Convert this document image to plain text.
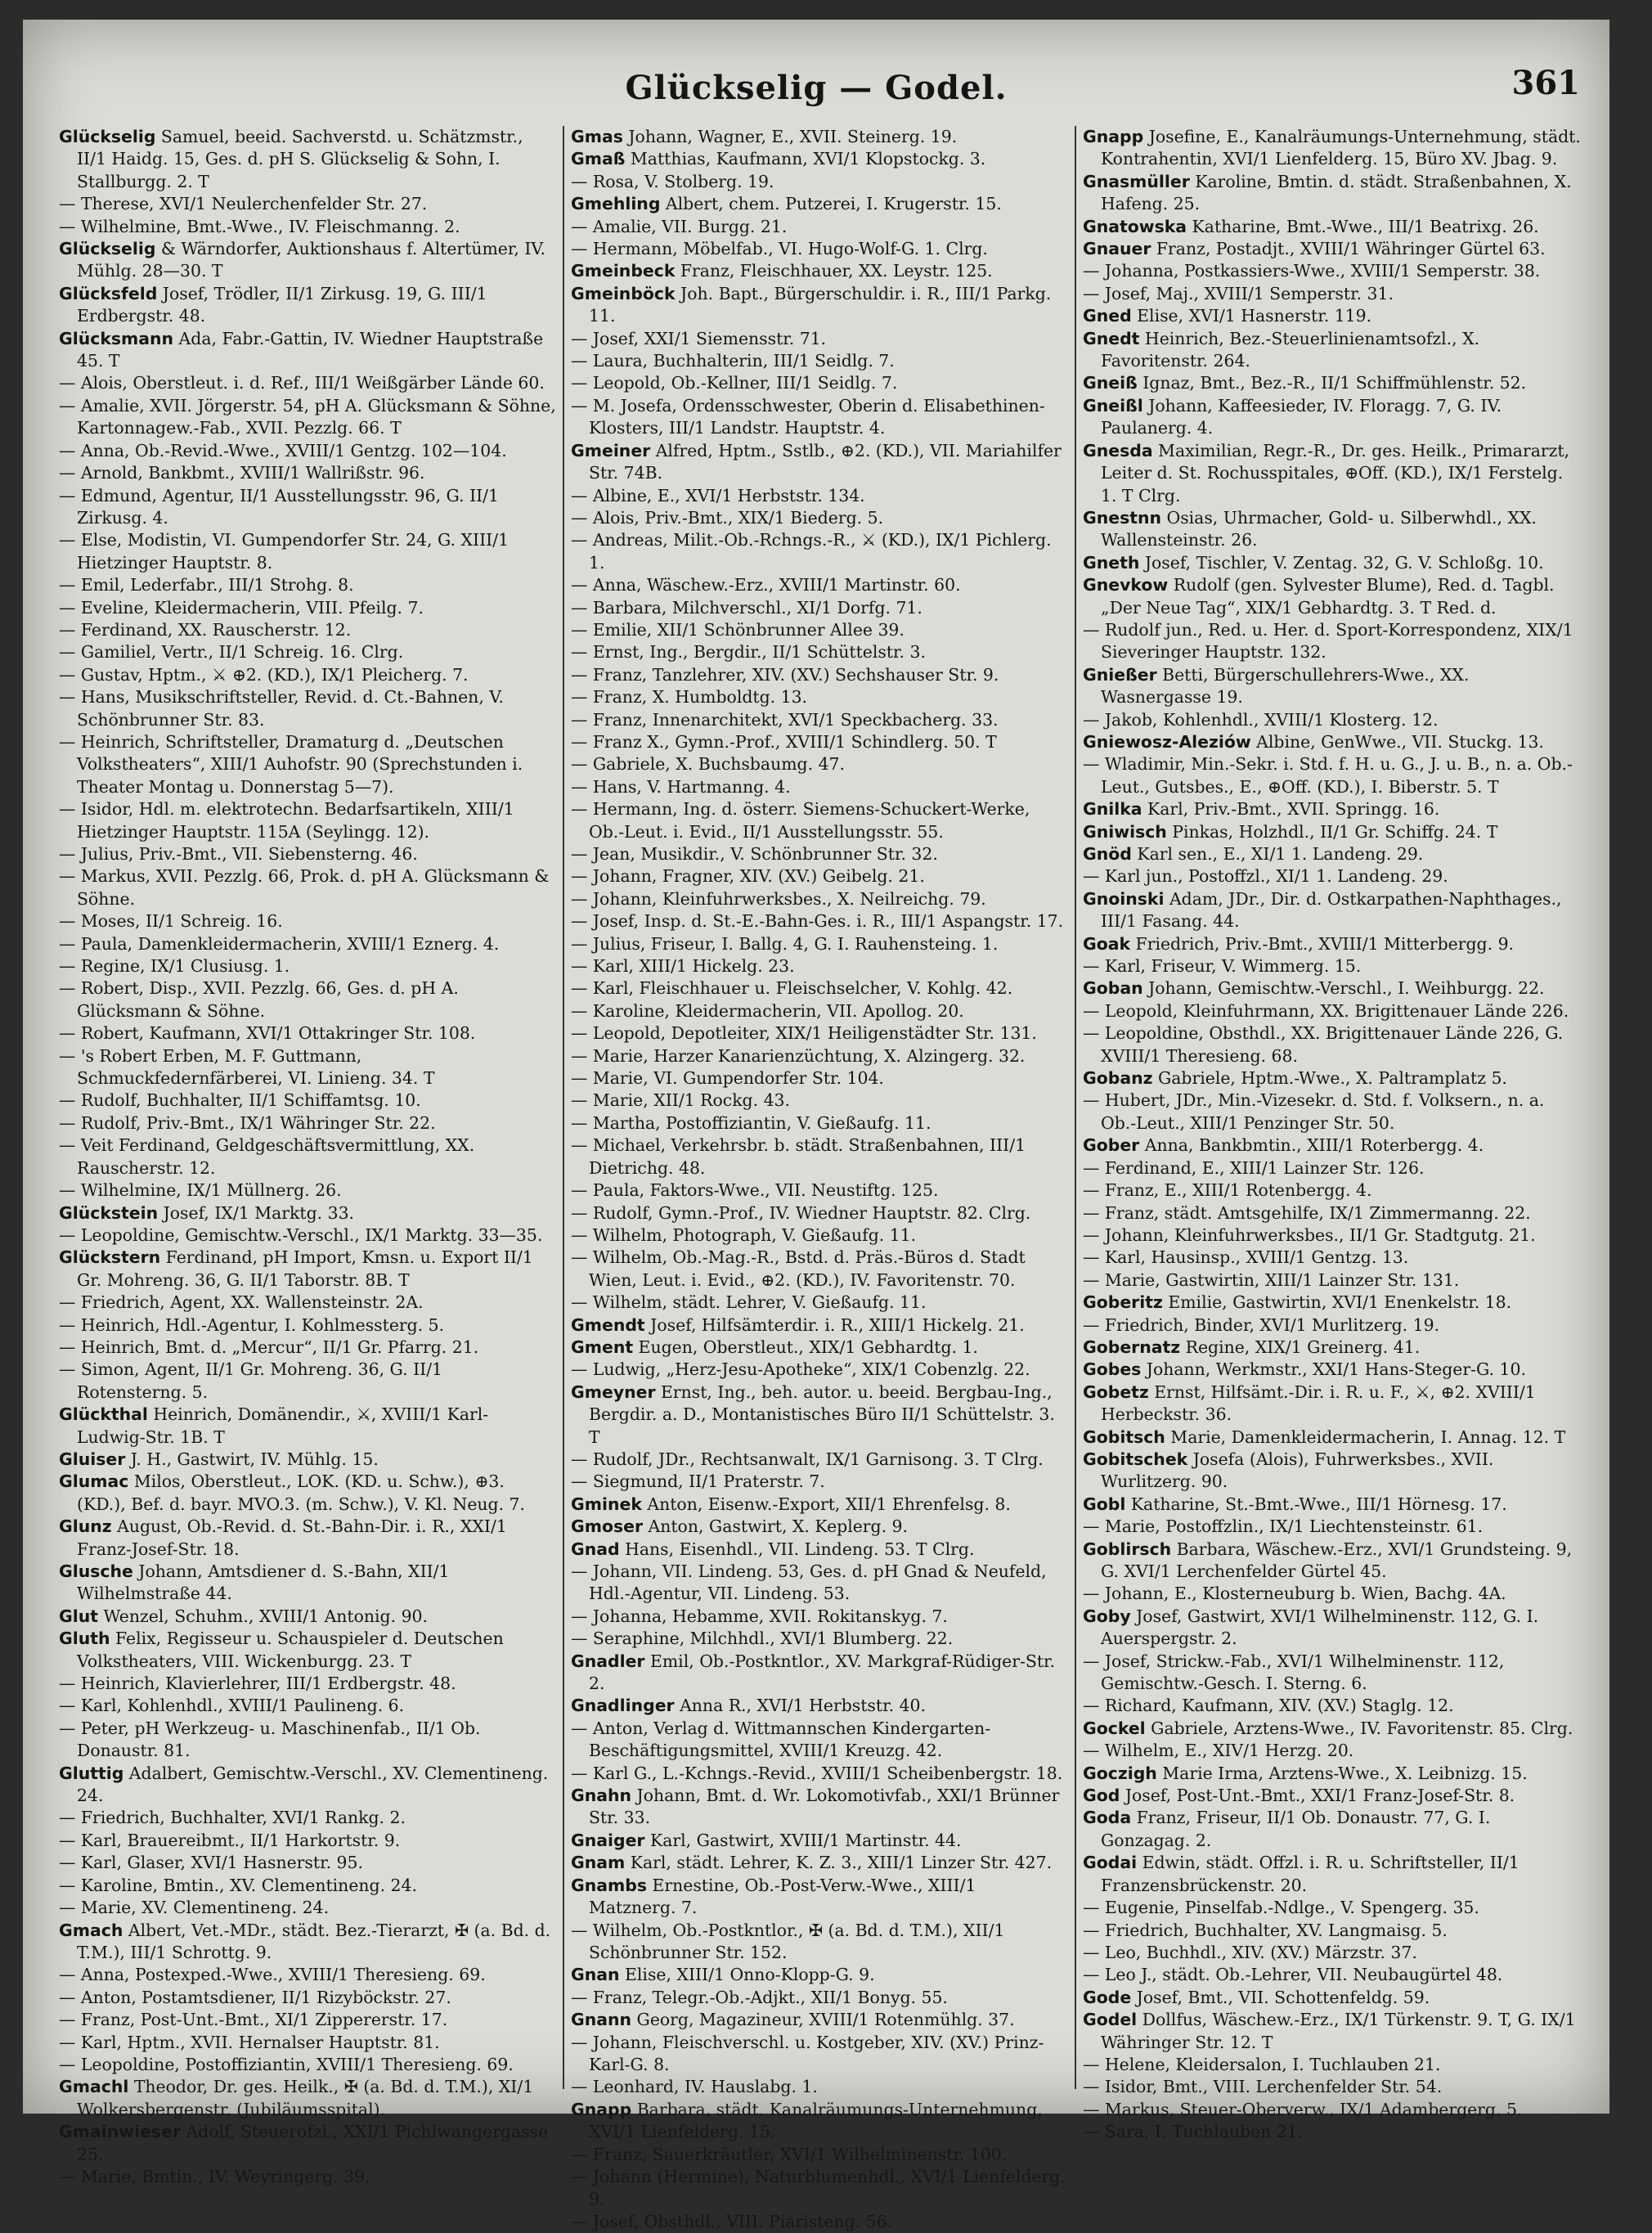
Glückselig — Godel.	361

Glückselig Samuel, beeid. Sachverstd. u. Schätzmstr., II/1 Haidg. 15, Ges. d. pH S. Glückselig & Sohn, I. Stallburgg. 2. T

— Therese, XVI/1 Neulerchenfelder Str. 27.

— Wilhelmine, Bmt.-Wwe., IV. Fleischmanng. 2.

Glückselig & Wärndorfer, Auktionshaus f. Altertümer, IV. Mühlg. 28—30. T

Glücksfeld Josef, Trödler, II/1 Zirkusg. 19, G. III/1 Erdbergstr. 48.

Glücksmann Ada, Fabr.-Gattin, IV. Wiedner Hauptstraße 45. T

— Alois, Oberstleut. i. d. Ref., III/1 Weißgärber Lände 60.

— Amalie, XVII. Jörgerstr. 54, pH A. Glücksmann & Söhne, Kartonnagew.-Fab., XVII. Pezzlg. 66. T

— Anna, Ob.-Revid.-Wwe., XVIII/1 Gentzg. 102—104.

— Arnold, Bankbmt., XVIII/1 Wallrißstr. 96.

— Edmund, Agentur, II/1 Ausstellungsstr. 96, G. II/1 Zirkusg. 4.

— Else, Modistin, VI. Gumpendorfer Str. 24, G. XIII/1 Hietzinger Hauptstr. 8.

— Emil, Lederfabr., III/1 Strohg. 8.

— Eveline, Kleidermacherin, VIII. Pfeilg. 7.

— Ferdinand, XX. Rauscherstr. 12.

— Gamiliel, Vertr., II/1 Schreig. 16. Clrg.

— Gustav, Hptm., ⚔ ⊕2. (KD.), IX/1 Pleicherg. 7.

— Hans, Musikschriftsteller, Revid. d. Ct.-Bahnen, V. Schönbrunner Str. 83.

— Heinrich, Schriftsteller, Dramaturg d. „Deutschen Volkstheaters“, XIII/1 Auhofstr. 90 (Sprechstunden i. Theater Montag u. Donnerstag 5—7).

— Isidor, Hdl. m. elektrotechn. Bedarfsartikeln, XIII/1 Hietzinger Hauptstr. 115A (Seylingg. 12).

— Julius, Priv.-Bmt., VII. Siebensterng. 46.

— Markus, XVII. Pezzlg. 66, Prok. d. pH A. Glücksmann & Söhne.

— Moses, II/1 Schreig. 16.

— Paula, Damenkleidermacherin, XVIII/1 Eznerg. 4.

— Regine, IX/1 Clusiusg. 1.

— Robert, Disp., XVII. Pezzlg. 66, Ges. d. pH A. Glücksmann & Söhne.

— Robert, Kaufmann, XVI/1 Ottakringer Str. 108.

— 's Robert Erben, M. F. Guttmann, Schmuckfedernfärberei, VI. Linieng. 34. T

— Rudolf, Buchhalter, II/1 Schiffamtsg. 10.

— Rudolf, Priv.-Bmt., IX/1 Währinger Str. 22.

— Veit Ferdinand, Geldgeschäftsvermittlung, XX. Rauscherstr. 12.

— Wilhelmine, IX/1 Müllnerg. 26.

Glückstein Josef, IX/1 Marktg. 33.

— Leopoldine, Gemischtw.-Verschl., IX/1 Marktg. 33—35.

Glückstern Ferdinand, pH Import, Kmsn. u. Export II/1 Gr. Mohreng. 36, G. II/1 Taborstr. 8B. T

— Friedrich, Agent, XX. Wallensteinstr. 2A.

— Heinrich, Hdl.-Agentur, I. Kohlmessterg. 5.

— Heinrich, Bmt. d. „Mercur“, II/1 Gr. Pfarrg. 21.

— Simon, Agent, II/1 Gr. Mohreng. 36, G. II/1 Rotensterng. 5.

Glückthal Heinrich, Domänendir., ⚔, XVIII/1 Karl-Ludwig-Str. 1B. T

Gluiser J. H., Gastwirt, IV. Mühlg. 15.

Glumac Milos, Oberstleut., LOK. (KD. u. Schw.), ⊕3. (KD.), Bef. d. bayr. MVO.3. (m. Schw.), V. Kl. Neug. 7.

Glunz August, Ob.-Revid. d. St.-Bahn-Dir. i. R., XXI/1 Franz-Josef-Str. 18.

Glusche Johann, Amtsdiener d. S.-Bahn, XII/1 Wilhelmstraße 44.

Glut Wenzel, Schuhm., XVIII/1 Antonig. 90.

Gluth Felix, Regisseur u. Schauspieler d. Deutschen Volkstheaters, VIII. Wickenburgg. 23. T

— Heinrich, Klavierlehrer, III/1 Erdbergstr. 48.

— Karl, Kohlenhdl., XVIII/1 Paulineng. 6.

— Peter, pH Werkzeug- u. Maschinenfab., II/1 Ob. Donaustr. 81.

Gluttig Adalbert, Gemischtw.-Verschl., XV. Clementineng. 24.

— Friedrich, Buchhalter, XVI/1 Rankg. 2.

— Karl, Brauereibmt., II/1 Harkortstr. 9.

— Karl, Glaser, XVI/1 Hasnerstr. 95.

— Karoline, Bmtin., XV. Clementineng. 24.

— Marie, XV. Clementineng. 24.

Gmach Albert, Vet.-MDr., städt. Bez.-Tierarzt, ✠ (a. Bd. d. T.M.), III/1 Schrottg. 9.

— Anna, Postexped.-Wwe., XVIII/1 Theresieng. 69.

— Anton, Postamtsdiener, II/1 Rizyböckstr. 27.

— Franz, Post-Unt.-Bmt., XI/1 Zippererstr. 17.

— Karl, Hptm., XVII. Hernalser Hauptstr. 81.

— Leopoldine, Postoffiziantin, XVIII/1 Theresieng. 69.

Gmachl Theodor, Dr. ges. Heilk., ✠ (a. Bd. d. T.M.), XI/1 Wolkersbergenstr. (Jubiläumsspital).

Gmainwieser Adolf, Steuerofzl., XXI/1 Pichlwangergasse 25.

— Marie, Bmtin., IV. Weyringerg. 39.

Gmas Johann, Wagner, E., XVII. Steinerg. 19.

Gmaß Matthias, Kaufmann, XVI/1 Klopstockg. 3.

— Rosa, V. Stolberg. 19.

Gmehling Albert, chem. Putzerei, I. Krugerstr. 15.

— Amalie, VII. Burgg. 21.

— Hermann, Möbelfab., VI. Hugo-Wolf-G. 1. Clrg.

Gmeinbeck Franz, Fleischhauer, XX. Leystr. 125.

Gmeinböck Joh. Bapt., Bürgerschuldir. i. R., III/1 Parkg. 11.

— Josef, XXI/1 Siemensstr. 71.

— Laura, Buchhalterin, III/1 Seidlg. 7.

— Leopold, Ob.-Kellner, III/1 Seidlg. 7.

— M. Josefa, Ordensschwester, Oberin d. Elisabethinen-Klosters, III/1 Landstr. Hauptstr. 4.

Gmeiner Alfred, Hptm., Sstlb., ⊕2. (KD.), VII. Mariahilfer Str. 74B.

— Albine, E., XVI/1 Herbststr. 134.

— Alois, Priv.-Bmt., XIX/1 Biederg. 5.

— Andreas, Milit.-Ob.-Rchngs.-R., ⚔ (KD.), IX/1 Pichlerg. 1.

— Anna, Wäschew.-Erz., XVIII/1 Martinstr. 60.

— Barbara, Milchverschl., XI/1 Dorfg. 71.

— Emilie, XII/1 Schönbrunner Allee 39.

— Ernst, Ing., Bergdir., II/1 Schüttelstr. 3.

— Franz, Tanzlehrer, XIV. (XV.) Sechshauser Str. 9.

— Franz, X. Humboldtg. 13.

— Franz, Innenarchitekt, XVI/1 Speckbacherg. 33.

— Franz X., Gymn.-Prof., XVIII/1 Schindlerg. 50. T

— Gabriele, X. Buchsbaumg. 47.

— Hans, V. Hartmanng. 4.

— Hermann, Ing. d. österr. Siemens-Schuckert-Werke, Ob.-Leut. i. Evid., II/1 Ausstellungsstr. 55.

— Jean, Musikdir., V. Schönbrunner Str. 32.

— Johann, Fragner, XIV. (XV.) Geibelg. 21.

— Johann, Kleinfuhrwerksbes., X. Neilreichg. 79.

— Josef, Insp. d. St.-E.-Bahn-Ges. i. R., III/1 Aspangstr. 17.

— Julius, Friseur, I. Ballg. 4, G. I. Rauhensteing. 1.

— Karl, XIII/1 Hickelg. 23.

— Karl, Fleischhauer u. Fleischselcher, V. Kohlg. 42.

— Karoline, Kleidermacherin, VII. Apollog. 20.

— Leopold, Depotleiter, XIX/1 Heiligenstädter Str. 131.

— Marie, Harzer Kanarienzüchtung, X. Alzingerg. 32.

— Marie, VI. Gumpendorfer Str. 104.

— Marie, XII/1 Rockg. 43.

— Martha, Postoffiziantin, V. Gießaufg. 11.

— Michael, Verkehrsbr. b. städt. Straßenbahnen, III/1 Dietrichg. 48.

— Paula, Faktors-Wwe., VII. Neustiftg. 125.

— Rudolf, Gymn.-Prof., IV. Wiedner Hauptstr. 82. Clrg.

— Wilhelm, Photograph, V. Gießaufg. 11.

— Wilhelm, Ob.-Mag.-R., Bstd. d. Präs.-Büros d. Stadt Wien, Leut. i. Evid., ⊕2. (KD.), IV. Favoritenstr. 70.

— Wilhelm, städt. Lehrer, V. Gießaufg. 11.

Gmendt Josef, Hilfsämterdir. i. R., XIII/1 Hickelg. 21.

Gment Eugen, Oberstleut., XIX/1 Gebhardtg. 1.

— Ludwig, „Herz-Jesu-Apotheke“, XIX/1 Cobenzlg. 22.

Gmeyner Ernst, Ing., beh. autor. u. beeid. Bergbau-Ing., Bergdir. a. D., Montanistisches Büro II/1 Schüttelstr. 3. T

— Rudolf, JDr., Rechtsanwalt, IX/1 Garnisong. 3. T Clrg.

— Siegmund, II/1 Praterstr. 7.

Gminek Anton, Eisenw.-Export, XII/1 Ehrenfelsg. 8.

Gmoser Anton, Gastwirt, X. Keplerg. 9.

Gnad Hans, Eisenhdl., VII. Lindeng. 53. T Clrg.

— Johann, VII. Lindeng. 53, Ges. d. pH Gnad & Neufeld, Hdl.-Agentur, VII. Lindeng. 53.

— Johanna, Hebamme, XVII. Rokitanskyg. 7.

— Seraphine, Milchhdl., XVI/1 Blumberg. 22.

Gnadler Emil, Ob.-Postkntlor., XV. Markgraf-Rüdiger-Str. 2.

Gnadlinger Anna R., XVI/1 Herbststr. 40.

— Anton, Verlag d. Wittmannschen Kindergarten-Beschäftigungsmittel, XVIII/1 Kreuzg. 42.

— Karl G., L.-Kchngs.-Revid., XVIII/1 Scheibenbergstr. 18.

Gnahn Johann, Bmt. d. Wr. Lokomotivfab., XXI/1 Brünner Str. 33.

Gnaiger Karl, Gastwirt, XVIII/1 Martinstr. 44.

Gnam Karl, städt. Lehrer, K. Z. 3., XIII/1 Linzer Str. 427.

Gnambs Ernestine, Ob.-Post-Verw.-Wwe., XIII/1 Matznerg. 7.

— Wilhelm, Ob.-Postkntlor., ✠ (a. Bd. d. T.M.), XII/1 Schönbrunner Str. 152.

Gnan Elise, XIII/1 Onno-Klopp-G. 9.

— Franz, Telegr.-Ob.-Adjkt., XII/1 Bonyg. 55.

Gnann Georg, Magazineur, XVIII/1 Rotenmühlg. 37.

— Johann, Fleischverschl. u. Kostgeber, XIV. (XV.) Prinz-Karl-G. 8.

— Leonhard, IV. Hauslabg. 1.

Gnapp Barbara, städt. Kanalräumungs-Unternehmung, XVI/1 Lienfelderg. 15.

— Franz, Sauerkräutler, XVI/1 Wilhelminenstr. 100.

— Johann (Hermine), Naturblumenhdl., XVI/1 Lienfelderg. 9.

— Josef, Obsthdl., VIII. Piaristeng. 56.

Gnapp Josefine, E., Kanalräumungs-Unternehmung, städt. Kontrahentin, XVI/1 Lienfelderg. 15, Büro XV. Jbag. 9.

Gnasmüller Karoline, Bmtin. d. städt. Straßenbahnen, X. Hafeng. 25.

Gnatowska Katharine, Bmt.-Wwe., III/1 Beatrixg. 26.

Gnauer Franz, Postadjt., XVIII/1 Währinger Gürtel 63.

— Johanna, Postkassiers-Wwe., XVIII/1 Semperstr. 38.

— Josef, Maj., XVIII/1 Semperstr. 31.

Gned Elise, XVI/1 Hasnerstr. 119.

Gnedt Heinrich, Bez.-Steuerlinienamtsofzl., X. Favoritenstr. 264.

Gneiß Ignaz, Bmt., Bez.-R., II/1 Schiffmühlenstr. 52.

Gneißl Johann, Kaffeesieder, IV. Floragg. 7, G. IV. Paulanerg. 4.

Gnesda Maximilian, Regr.-R., Dr. ges. Heilk., Primararzt, Leiter d. St. Rochusspitales, ⊕Off. (KD.), IX/1 Ferstelg. 1. T Clrg.

Gnestnn Osias, Uhrmacher, Gold- u. Silberwhdl., XX. Wallensteinstr. 26.

Gneth Josef, Tischler, V. Zentag. 32, G. V. Schloßg. 10.

Gnevkow Rudolf (gen. Sylvester Blume), Red. d. Tagbl. „Der Neue Tag“, XIX/1 Gebhardtg. 3. T Red. d.

— Rudolf jun., Red. u. Her. d. Sport-Korrespondenz, XIX/1 Sieveringer Hauptstr. 132.

Gnießer Betti, Bürgerschullehrers-Wwe., XX. Wasnergasse 19.

— Jakob, Kohlenhdl., XVIII/1 Klosterg. 12.

Gniewosz-Aleziów Albine, GenWwe., VII. Stuckg. 13.

— Wladimir, Min.-Sekr. i. Std. f. H. u. G., J. u. B., n. a. Ob.-Leut., Gutsbes., E., ⊕Off. (KD.), I. Biberstr. 5. T

Gnilka Karl, Priv.-Bmt., XVII. Springg. 16.

Gniwisch Pinkas, Holzhdl., II/1 Gr. Schiffg. 24. T

Gnöd Karl sen., E., XI/1 1. Landeng. 29.

— Karl jun., Postoffzl., XI/1 1. Landeng. 29.

Gnoinski Adam, JDr., Dir. d. Ostkarpathen-Naphthages., III/1 Fasang. 44.

Goak Friedrich, Priv.-Bmt., XVIII/1 Mitterbergg. 9.

— Karl, Friseur, V. Wimmerg. 15.

Goban Johann, Gemischtw.-Verschl., I. Weihburgg. 22.

— Leopold, Kleinfuhrmann, XX. Brigittenauer Lände 226.

— Leopoldine, Obsthdl., XX. Brigittenauer Lände 226, G. XVIII/1 Theresieng. 68.

Gobanz Gabriele, Hptm.-Wwe., X. Paltramplatz 5.

— Hubert, JDr., Min.-Vizesekr. d. Std. f. Volksern., n. a. Ob.-Leut., XIII/1 Penzinger Str. 50.

Gober Anna, Bankbmtin., XIII/1 Roterbergg. 4.

— Ferdinand, E., XIII/1 Lainzer Str. 126.

— Franz, E., XIII/1 Rotenbergg. 4.

— Franz, städt. Amtsgehilfe, IX/1 Zimmermanng. 22.

— Johann, Kleinfuhrwerksbes., II/1 Gr. Stadtgutg. 21.

— Karl, Hausinsp., XVIII/1 Gentzg. 13.

— Marie, Gastwirtin, XIII/1 Lainzer Str. 131.

Goberitz Emilie, Gastwirtin, XVI/1 Enenkelstr. 18.

— Friedrich, Binder, XVI/1 Murlitzerg. 19.

Gobernatz Regine, XIX/1 Greinerg. 41.

Gobes Johann, Werkmstr., XXI/1 Hans-Steger-G. 10.

Gobetz Ernst, Hilfsämt.-Dir. i. R. u. F., ⚔, ⊕2. XVIII/1 Herbeckstr. 36.

Gobitsch Marie, Damenkleidermacherin, I. Annag. 12. T

Gobitschek Josefa (Alois), Fuhrwerksbes., XVII. Wurlitzerg. 90.

Gobl Katharine, St.-Bmt.-Wwe., III/1 Hörnesg. 17.

— Marie, Postoffzlin., IX/1 Liechtensteinstr. 61.

Goblirsch Barbara, Wäschew.-Erz., XVI/1 Grundsteing. 9, G. XVI/1 Lerchenfelder Gürtel 45.

— Johann, E., Klosterneuburg b. Wien, Bachg. 4A.

Goby Josef, Gastwirt, XVI/1 Wilhelminenstr. 112, G. I. Auerspergstr. 2.

— Josef, Strickw.-Fab., XVI/1 Wilhelminenstr. 112, Gemischtw.-Gesch. I. Sterng. 6.

— Richard, Kaufmann, XIV. (XV.) Staglg. 12.

Gockel Gabriele, Arztens-Wwe., IV. Favoritenstr. 85. Clrg.

— Wilhelm, E., XIV/1 Herzg. 20.

Goczigh Marie Irma, Arztens-Wwe., X. Leibnizg. 15.

God Josef, Post-Unt.-Bmt., XXI/1 Franz-Josef-Str. 8.

Goda Franz, Friseur, II/1 Ob. Donaustr. 77, G. I. Gonzagag. 2.

Godai Edwin, städt. Offzl. i. R. u. Schriftsteller, II/1 Franzensbrückenstr. 20.

— Eugenie, Pinselfab.-Ndlge., V. Spengerg. 35.

— Friedrich, Buchhalter, XV. Langmaisg. 5.

— Leo, Buchhdl., XIV. (XV.) Märzstr. 37.

— Leo J., städt. Ob.-Lehrer, VII. Neubaugürtel 48.

Gode Josef, Bmt., VII. Schottenfeldg. 59.

Godel Dollfus, Wäschew.-Erz., IX/1 Türkenstr. 9. T, G. IX/1 Währinger Str. 12. T

— Helene, Kleidersalon, I. Tuchlauben 21.

— Isidor, Bmt., VIII. Lerchenfelder Str. 54.

— Markus, Steuer-Oberverw., IX/1 Adambergerg. 5.

— Sara, I. Tuchlauben 21.
